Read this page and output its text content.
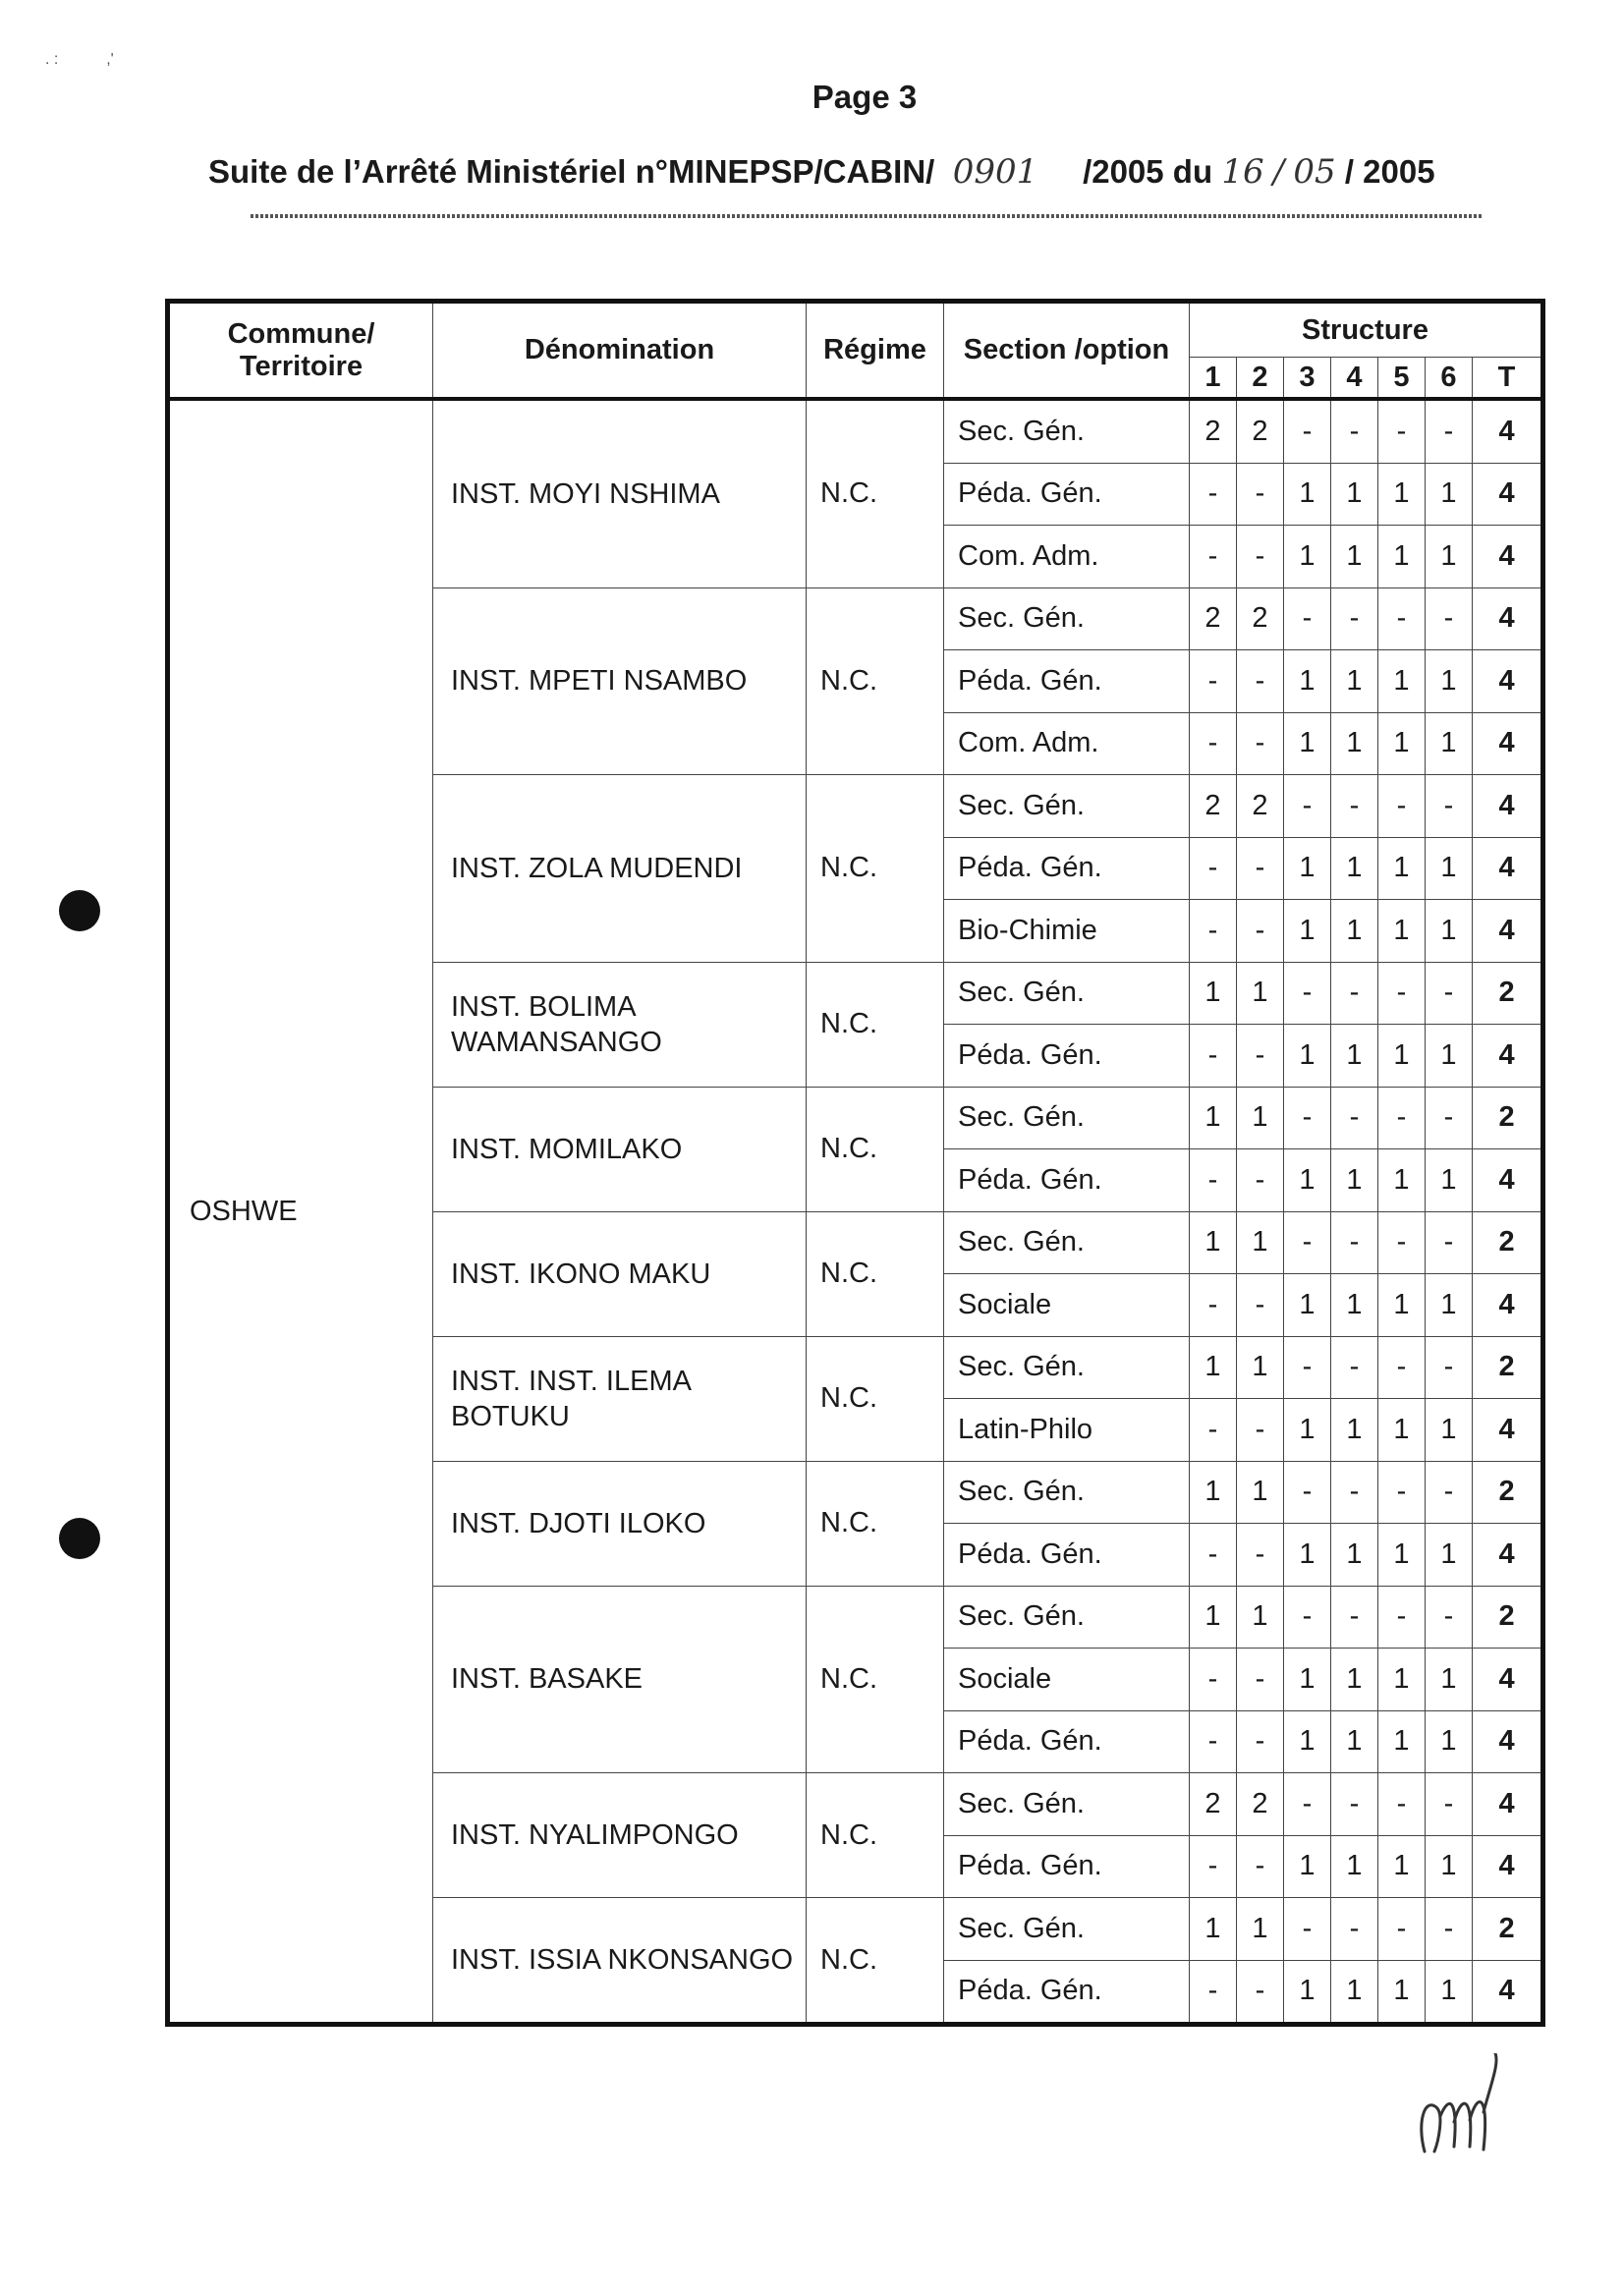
. :           ,'
Page 3
Suite de l’Arrêté Ministériel n°MINEPSP/CABIN/ 0901 /2005 du 16 / 05 / 2005
Commune/ Territoire	Dénomination	Régime	Section /option	Structure						
				1	2	3	4	5	6	T
OSHWE	INST. MOYI NSHIMA	N.C.	Sec. Gén.	2	2	-	-	-	-	4
			Péda. Gén.	-	-	1	1	1	1	4
			Com. Adm.	-	-	1	1	1	1	4
	INST. MPETI NSAMBO	N.C.	Sec. Gén.	2	2	-	-	-	-	4
			Péda. Gén.	-	-	1	1	1	1	4
			Com. Adm.	-	-	1	1	1	1	4
	INST. ZOLA MUDENDI	N.C.	Sec. Gén.	2	2	-	-	-	-	4
			Péda. Gén.	-	-	1	1	1	1	4
			Bio-Chimie	-	-	1	1	1	1	4
	INST. BOLIMA WAMANSANGO	N.C.	Sec. Gén.	1	1	-	-	-	-	2
			Péda. Gén.	-	-	1	1	1	1	4
	INST. MOMILAKO	N.C.	Sec. Gén.	1	1	-	-	-	-	2
			Péda. Gén.	-	-	1	1	1	1	4
	INST. IKONO MAKU	N.C.	Sec. Gén.	1	1	-	-	-	-	2
			Sociale	-	-	1	1	1	1	4
	INST. INST. ILEMA BOTUKU	N.C.	Sec. Gén.	1	1	-	-	-	-	2
			Latin-Philo	-	-	1	1	1	1	4
	INST. DJOTI ILOKO	N.C.	Sec. Gén.	1	1	-	-	-	-	2
			Péda. Gén.	-	-	1	1	1	1	4
	INST. BASAKE	N.C.	Sec. Gén.	1	1	-	-	-	-	2
			Sociale	-	-	1	1	1	1	4
			Péda. Gén.	-	-	1	1	1	1	4
	INST. NYALIMPONGO	N.C.	Sec. Gén.	2	2	-	-	-	-	4
			Péda. Gén.	-	-	1	1	1	1	4
	INST. ISSIA NKONSANGO	N.C.	Sec. Gén.	1	1	-	-	-	-	2
			Péda. Gén.	-	-	1	1	1	1	4
